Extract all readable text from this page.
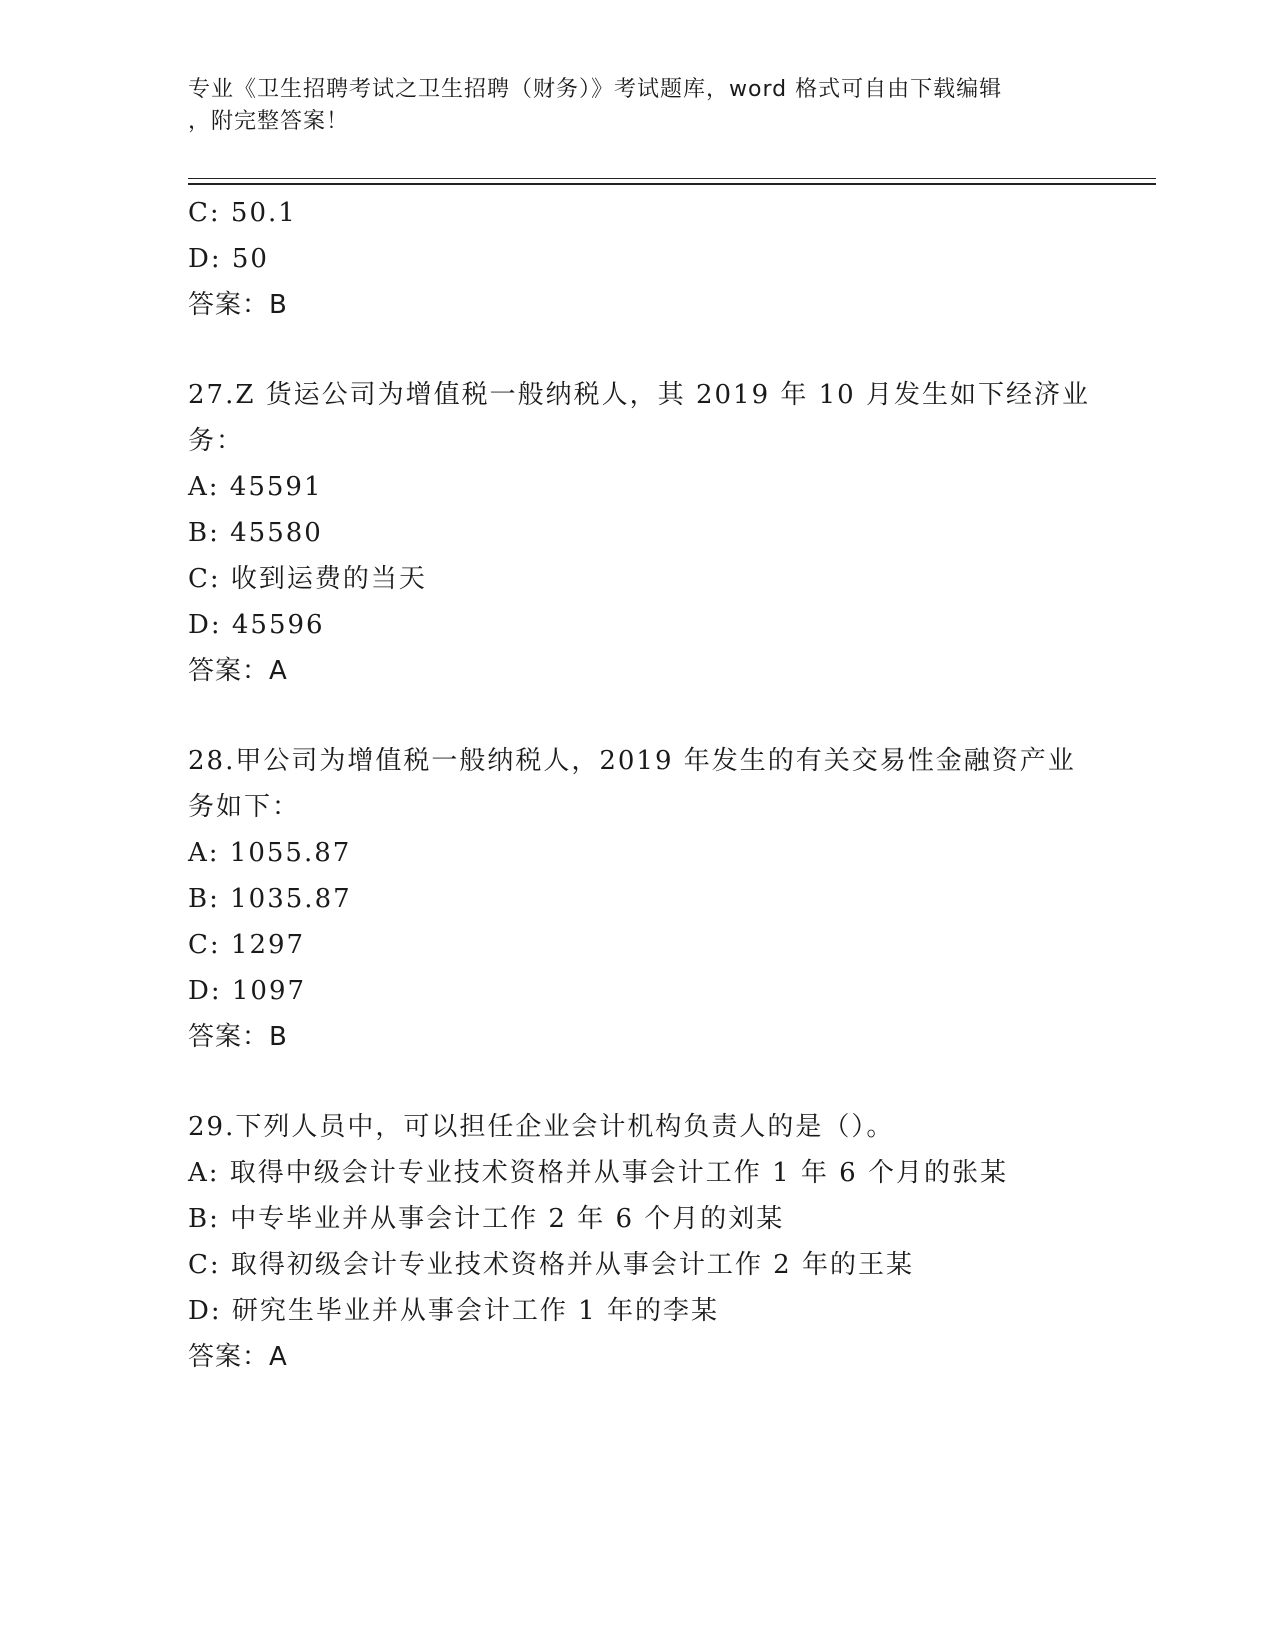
专业《卫生招聘考试之卫生招聘（财务）》考试题库，word 格式可自由下载编辑
，附完整答案！
C: 50.1
D: 50
答案：B
27.Z 货运公司为增值税一般纳税人，其 2019 年 10 月发生如下经济业
务：
A: 45591
B: 45580
C: 收到运费的当天
D: 45596
答案：A
28.甲公司为增值税一般纳税人，2019 年发生的有关交易性金融资产业
务如下：
A: 1055.87
B: 1035.87
C: 1297
D: 1097
答案：B
29.下列人员中，可以担任企业会计机构负责人的是（）。
A: 取得中级会计专业技术资格并从事会计工作 1 年 6 个月的张某
B: 中专毕业并从事会计工作 2 年 6 个月的刘某
C: 取得初级会计专业技术资格并从事会计工作 2 年的王某
D: 研究生毕业并从事会计工作 1 年的李某
答案：A
